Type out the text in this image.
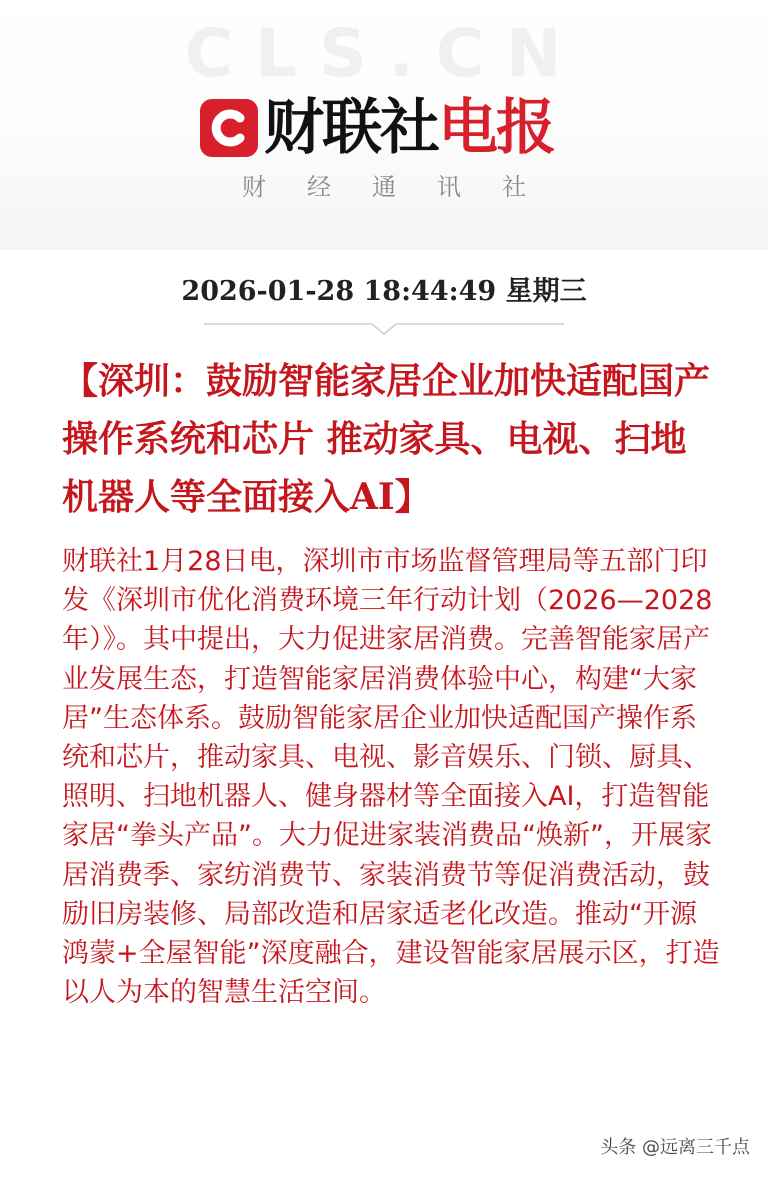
CLS.CN
财联社 电报
财经通讯社
2026-01-28 18:44:49 星期三
【深圳：鼓励智能家居企业加快适配国产操作系统和芯片 推动家具、电视、扫地机器人等全面接入AI】

财联社1月28日电，深圳市市场监督管理局等五部门印发《深圳市优化消费环境三年行动计划（2026—2028年）》。其中提出，大力促进家居消费。完善智能家居产业发展生态，打造智能家居消费体验中心，构建“大家居”生态体系。鼓励智能家居企业加快适配国产操作系统和芯片，推动家具、电视、影音娱乐、门锁、厨具、照明、扫地机器人、健身器材等全面接入AI，打造智能家居“拳头产品”。大力促进家装消费品“焕新”，开展家居消费季、家纺消费节、家装消费节等促消费活动，鼓励旧房装修、局部改造和居家适老化改造。推动“开源鸿蒙+全屋智能”深度融合，建设智能家居展示区，打造以人为本的智慧生活空间。

头条 @远离三千点
